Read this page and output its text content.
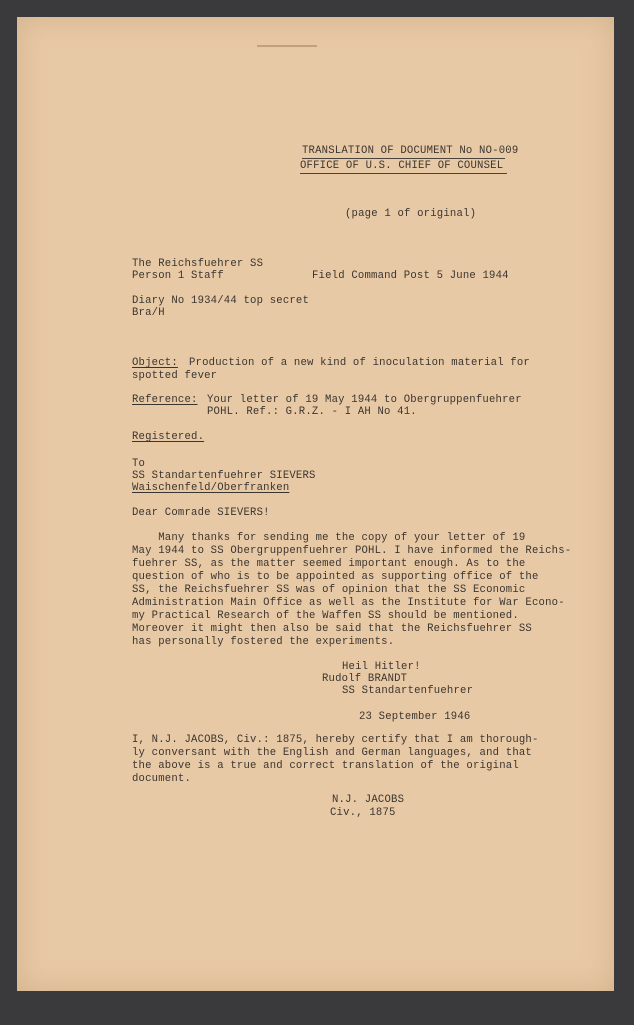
TRANSLATION OF DOCUMENT No NO-009
OFFICE OF U.S. CHIEF OF COUNSEL
(page 1 of original)
The Reichsfuehrer SS
Person 1 Staff	Field Command Post 5 June 1944
Diary No 1934/44 top secret
Bra/H
Object: Production of a new kind of inoculation material for
spotted fever
Reference: Your letter of 19 May 1944 to Obergruppenfuehrer
POHL. Ref.: G.R.Z. - I AH No 41.
Registered.
To
SS Standartenfuehrer SIEVERS
Waischenfeld/Oberfranken
Dear Comrade SIEVERS!
Many thanks for sending me the copy of your letter of 19
May 1944 to SS Obergruppenfuehrer POHL. I have informed the Reichs-
fuehrer SS, as the matter seemed important enough. As to the
question of who is to be appointed as supporting office of the
SS, the Reichsfuehrer SS was of opinion that the SS Economic
Administration Main Office as well as the Institute for War Econo-
my Practical Research of the Waffen SS should be mentioned.
Moreover it might then also be said that the Reichsfuehrer SS
has personally fostered the experiments.
Heil Hitler!
Rudolf BRANDT
SS Standartenfuehrer
23 September 1946
I, N.J. JACOBS, Civ.: 1875, hereby certify that I am thorough-
ly conversant with the English and German languages, and that
the above is a true and correct translation of the original
document.
N.J. JACOBS
Civ., 1875
